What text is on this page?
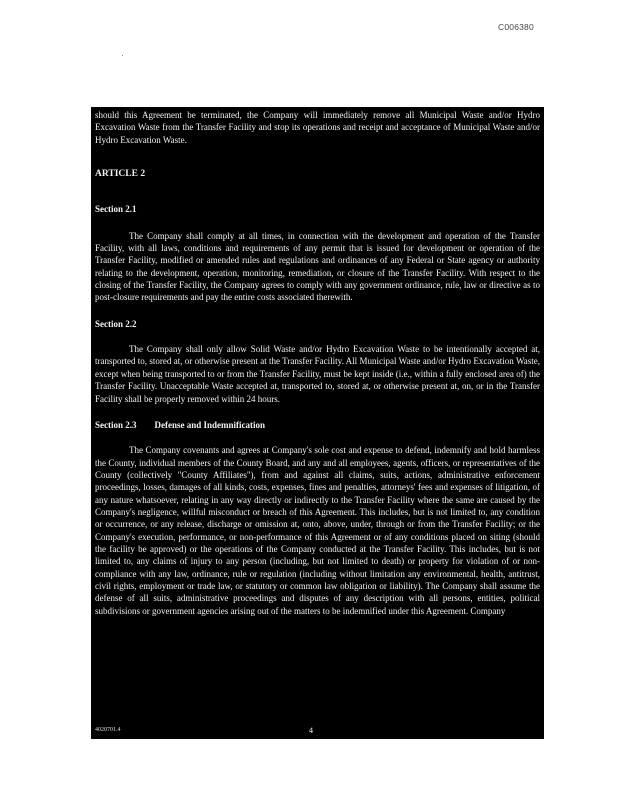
C006380

should this Agreement be terminated, the Company will immediately remove all Municipal Waste and/or Hydro Excavation Waste from the Transfer Facility and stop its operations and receipt and acceptance of Municipal Waste and/or Hydro Excavation Waste.

ARTICLE 2

Section 2.1

The Company shall comply at all times, in connection with the development and operation of the Transfer Facility, with all laws, conditions and requirements of any permit that is issued for development or operation of the Transfer Facility, modified or amended rules and regulations and ordinances of any Federal or State agency or authority relating to the development, operation, monitoring, remediation, or closure of the Transfer Facility. With respect to the closing of the Transfer Facility, the Company agrees to comply with any government ordinance, rule, law or directive as to post-closure requirements and pay the entire costs associated therewith.

Section 2.2

The Company shall only allow Solid Waste and/or Hydro Excavation Waste to be intentionally accepted at, transported to, stored at, or otherwise present at the Transfer Facility. All Municipal Waste and/or Hydro Excavation Waste, except when being transported to or from the Transfer Facility, must be kept inside (i.e., within a fully enclosed area of) the Transfer Facility. Unacceptable Waste accepted at, transported to, stored at, or otherwise present at, on, or in the Transfer Facility shall be properly removed within 24 hours.

Section 2.3 Defense and Indemnification

The Company covenants and agrees at Company's sole cost and expense to defend, indemnify and hold harmless the County, individual members of the County Board, and any and all employees, agents, officers, or representatives of the County (collectively "County Affiliates"), from and against all claims, suits, actions, administrative enforcement proceedings, losses, damages of all kinds, costs, expenses, fines and penalties, attorneys' fees and expenses of litigation, of any nature whatsoever, relating in any way directly or indirectly to the Transfer Facility where the same are caused by the Company's negligence, willful misconduct or breach of this Agreement. This includes, but is not limited to, any condition or occurrence, or any release, discharge or omission at, onto, above, under, through or from the Transfer Facility; or the Company's execution, performance, or non-performance of this Agreement or of any conditions placed on siting (should the facility be approved) or the operations of the Company conducted at the Transfer Facility. This includes, but is not limited to, any claims of injury to any person (including, but not limited to death) or property for violation of or non-compliance with any law, ordinance, rule or regulation (including without limitation any environmental, health, antitrust, civil rights, employment or trade law, or statutory or common law obligation or liability). The Company shall assume the defense of all suits, administrative proceedings and disputes of any description with all persons, entities, political subdivisions or government agencies arising out of the matters to be indemnified under this Agreement. Company

4020701.4	4
